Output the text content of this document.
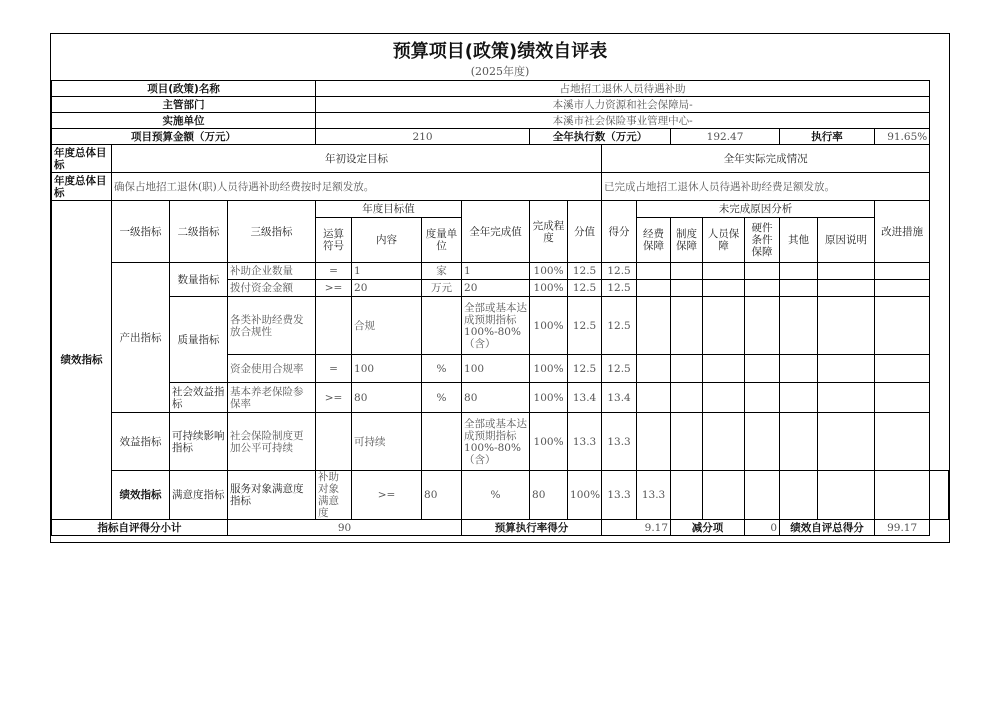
预算项目(政策)绩效自评表
(2025年度)
项目(政策)名称				占地招工退休人员待遇补助														
主管部门				本溪市人力资源和社会保障局-														
实施单位				本溪市社会保险事业管理中心-														
项目预算金额（万元）				210				全年执行数（万元）				192.47			执行率		91.65%	
年度总体目标	年初设定目标									全年实际完成情况								
年度总体目标	确保占地招工退休(职)人员待遇补助经费按时足额发放。									已完成占地招工退休人员待遇补助经费足额发放。								
绩效指标	一级指标	二级指标	三级指标	年度目标值			全年完成值	完成程度	分值	得分	未完成原因分析						改进措施	
				运算符号	内容	度量单位					经费保障	制度保障	人员保障	硬件条件保障	其他	原因说明		

	产出指标	数量指标	补助企业数量	=	1	家	1	100%	12.5	12.5								
			拨付资金金额	>=	20	万元	20	100%	12.5	12.5								
		质量指标	各类补助经费发放合规性		合规		全部或基本达成预期指标100%-80%（含）	100%	12.5	12.5								
			资金使用合规率	=	100	%	100	100%	12.5	12.5								
		社会效益指标	基本养老保险参保率	>=	80	%	80	100%	13.4	13.4								
	效益指标	可持续影响指标	社会保险制度更加公平可持续		可持续		全部或基本达成预期指标100%-80%（含）	100%	13.3	13.3								
	绩效指标	满意度指标	服务对象满意度指标	补助对象满意度	>=	80	%	80	100%	13.3	13.3							
指标自评得分小计			90				预算执行率得分			9.17		减分项		0	绩效自评总得分		99.17	
